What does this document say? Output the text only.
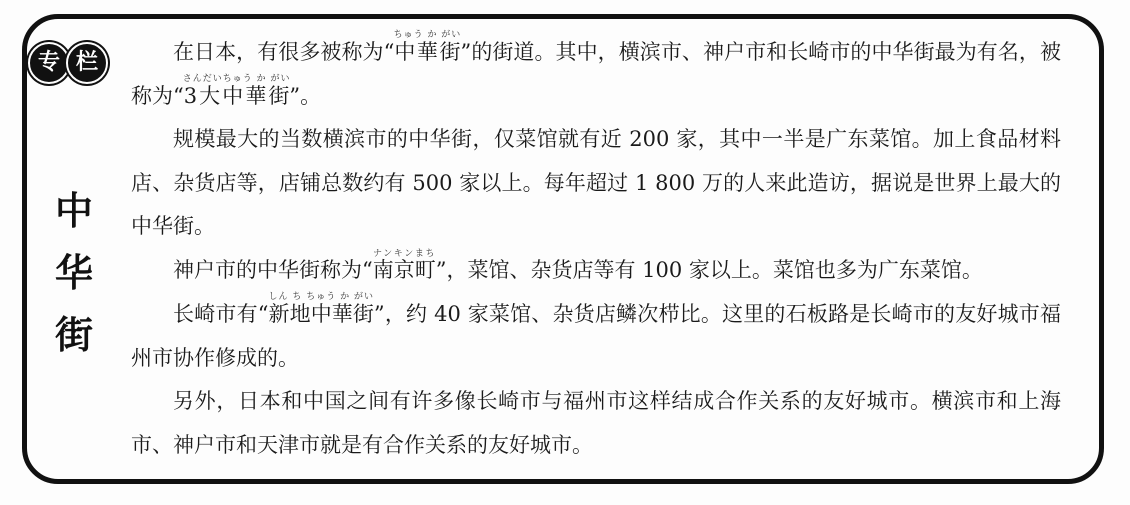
专 栏
中
华
街

在日本，有很多被称为“中華街ちゅう か がい”的街道。其中，横滨市、神户市和长崎市的中华街最为有名，被称为“3大中華街さんだいちゅう か がい”。

规模最大的当数横滨市的中华街，仅菜馆就有近 200 家，其中一半是广东菜馆。加上食品材料店、杂货店等，店铺总数约有 500 家以上。每年超过 1 800 万的人来此造访，据说是世界上最大的中华街。

神户市的中华街称为“南京町ナンキンまち”，菜馆、杂货店等有 100 家以上。菜馆也多为广东菜馆。

长崎市有“新地中華街しん ち ちゅう か がい”，约 40 家菜馆、杂货店鳞次栉比。这里的石板路是长崎市的友好城市福州市协作修成的。

另外，日本和中国之间有许多像长崎市与福州市这样结成合作关系的友好城市。横滨市和上海市、神户市和天津市就是有合作关系的友好城市。
